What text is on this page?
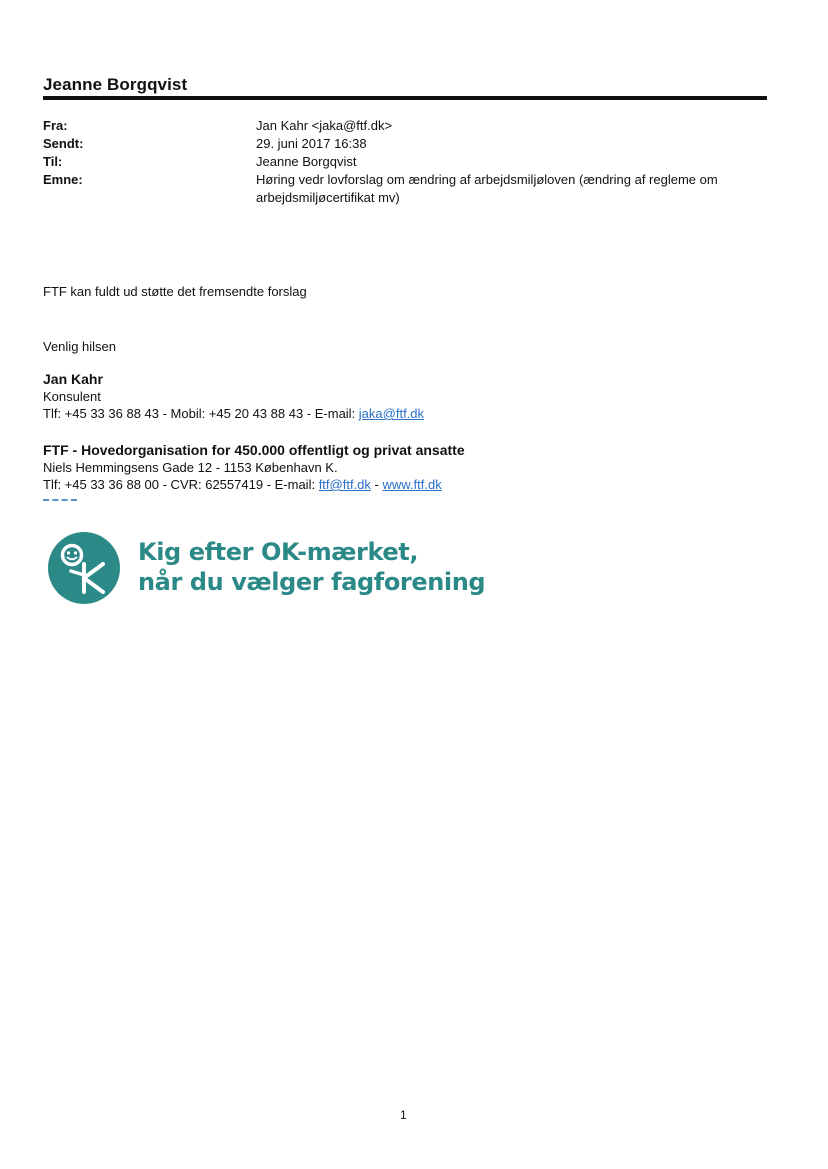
Jeanne Borgqvist
Fra:	Jan Kahr <jaka@ftf.dk>
Sendt:	29. juni 2017 16:38
Til:	Jeanne Borgqvist
Emne:	Høring vedr lovforslag om ændring af arbejdsmiljøloven (ændring af regleme om arbejdsmiljøcertifikat mv)
FTF kan fuldt ud støtte det fremsendte forslag
Venlig hilsen
Jan Kahr
Konsulent
Tlf: +45 33 36 88 43 - Mobil: +45 20 43 88 43 - E-mail: jaka@ftf.dk
FTF - Hovedorganisation for 450.000 offentligt og privat ansatte
Niels Hemmingsens Gade 12 - 1153 København K.
Tlf: +45 33 36 88 00 - CVR: 62557419 - E-mail: ftf@ftf.dk - www.ftf.dk
Kig efter OK-mærket,
når du vælger fagforening
1
